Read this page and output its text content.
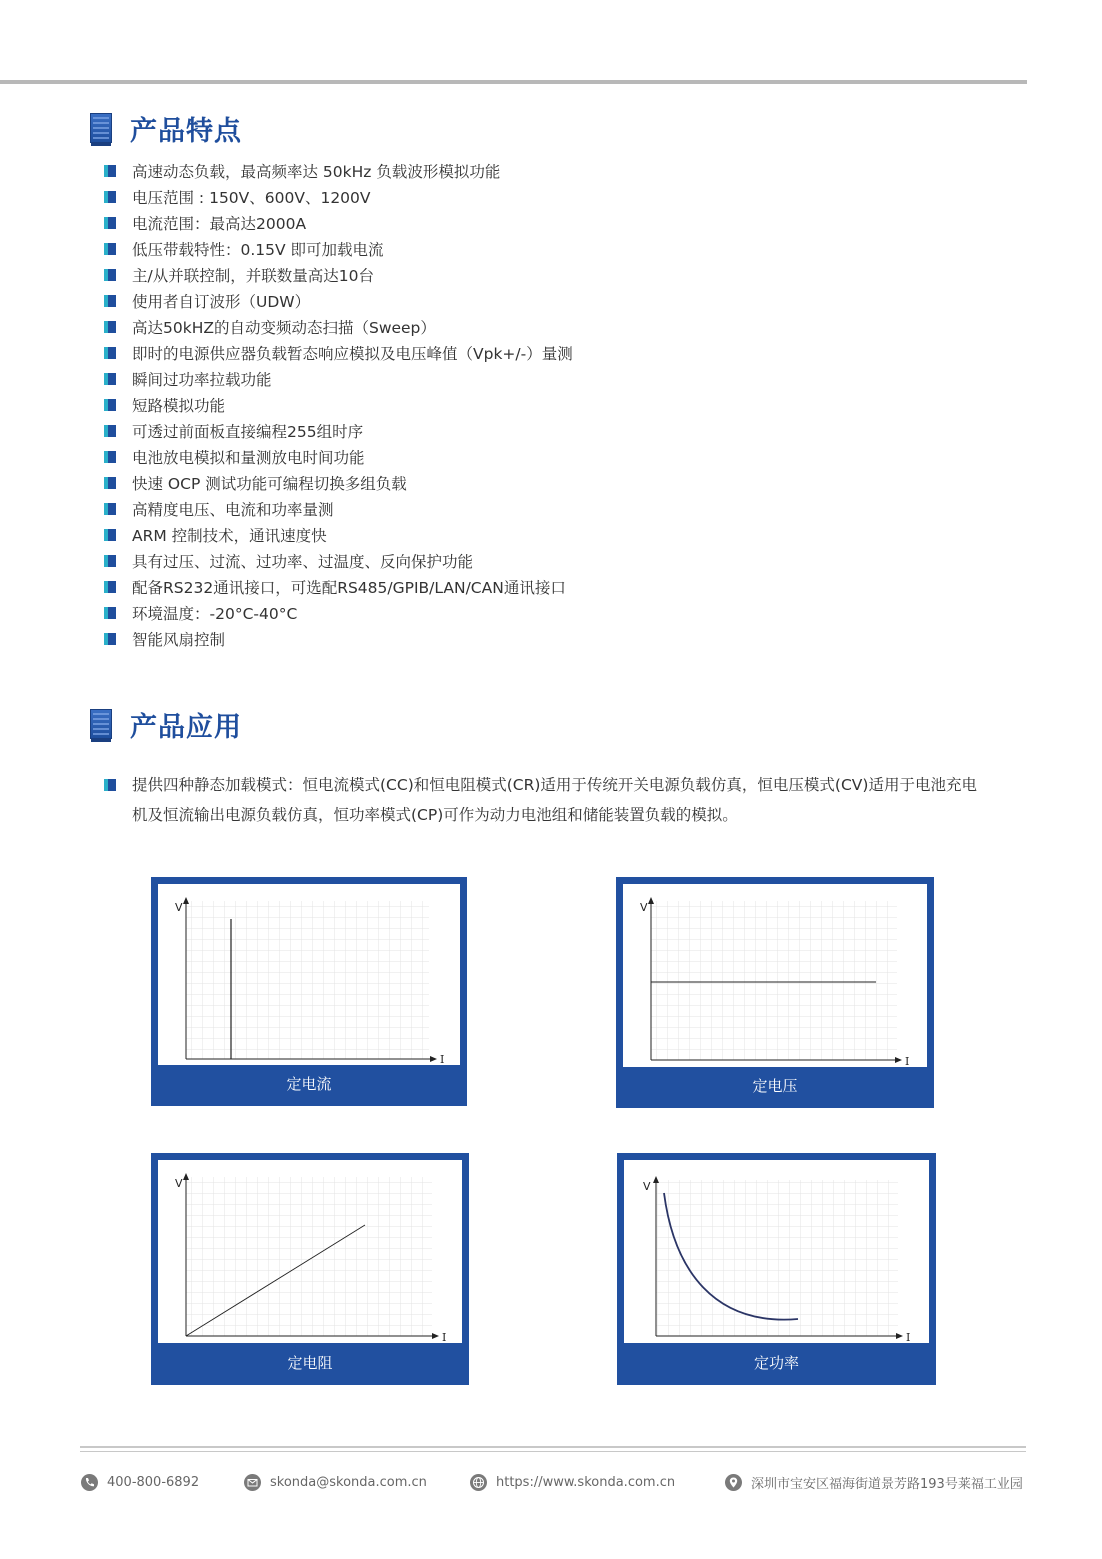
产品特点
高速动态负载，最高频率达 50kHz 负载波形模拟功能
电压范围 : 150V、600V、1200V
电流范围：最高达2000A
低压带载特性：0.15V 即可加载电流
主/从并联控制，并联数量高达10台
使用者自订波形（UDW）
高达50kHZ的自动变频动态扫描（Sweep）
即时的电源供应器负载暂态响应模拟及电压峰值（Vpk+/-）量测
瞬间过功率拉载功能
短路模拟功能
可透过前面板直接编程255组时序
电池放电模拟和量测放电时间功能
快速 OCP 测试功能可编程切换多组负载
高精度电压、电流和功率量测
ARM 控制技术，通讯速度快
具有过压、过流、过功率、过温度、反向保护功能
配备RS232通讯接口，可选配RS485/GPIB/LAN/CAN通讯接口
环境温度：-20°C-40°C
智能风扇控制
产品应用
提供四种静态加载模式：恒电流模式(CC)和恒电阻模式(CR)适用于传统开关电源负载仿真，恒电压模式(CV)适用于电池充电
机及恒流输出电源负载仿真，恒功率模式(CP)可作为动力电池组和储能装置负载的模拟。
V
I
定电流
V
I
定电压
V
I
定电阻
V
I
定功率
400-800-6892	skonda@skonda.com.cn	https://www.skonda.com.cn	深圳市宝安区福海街道景芳路193号莱福工业园
